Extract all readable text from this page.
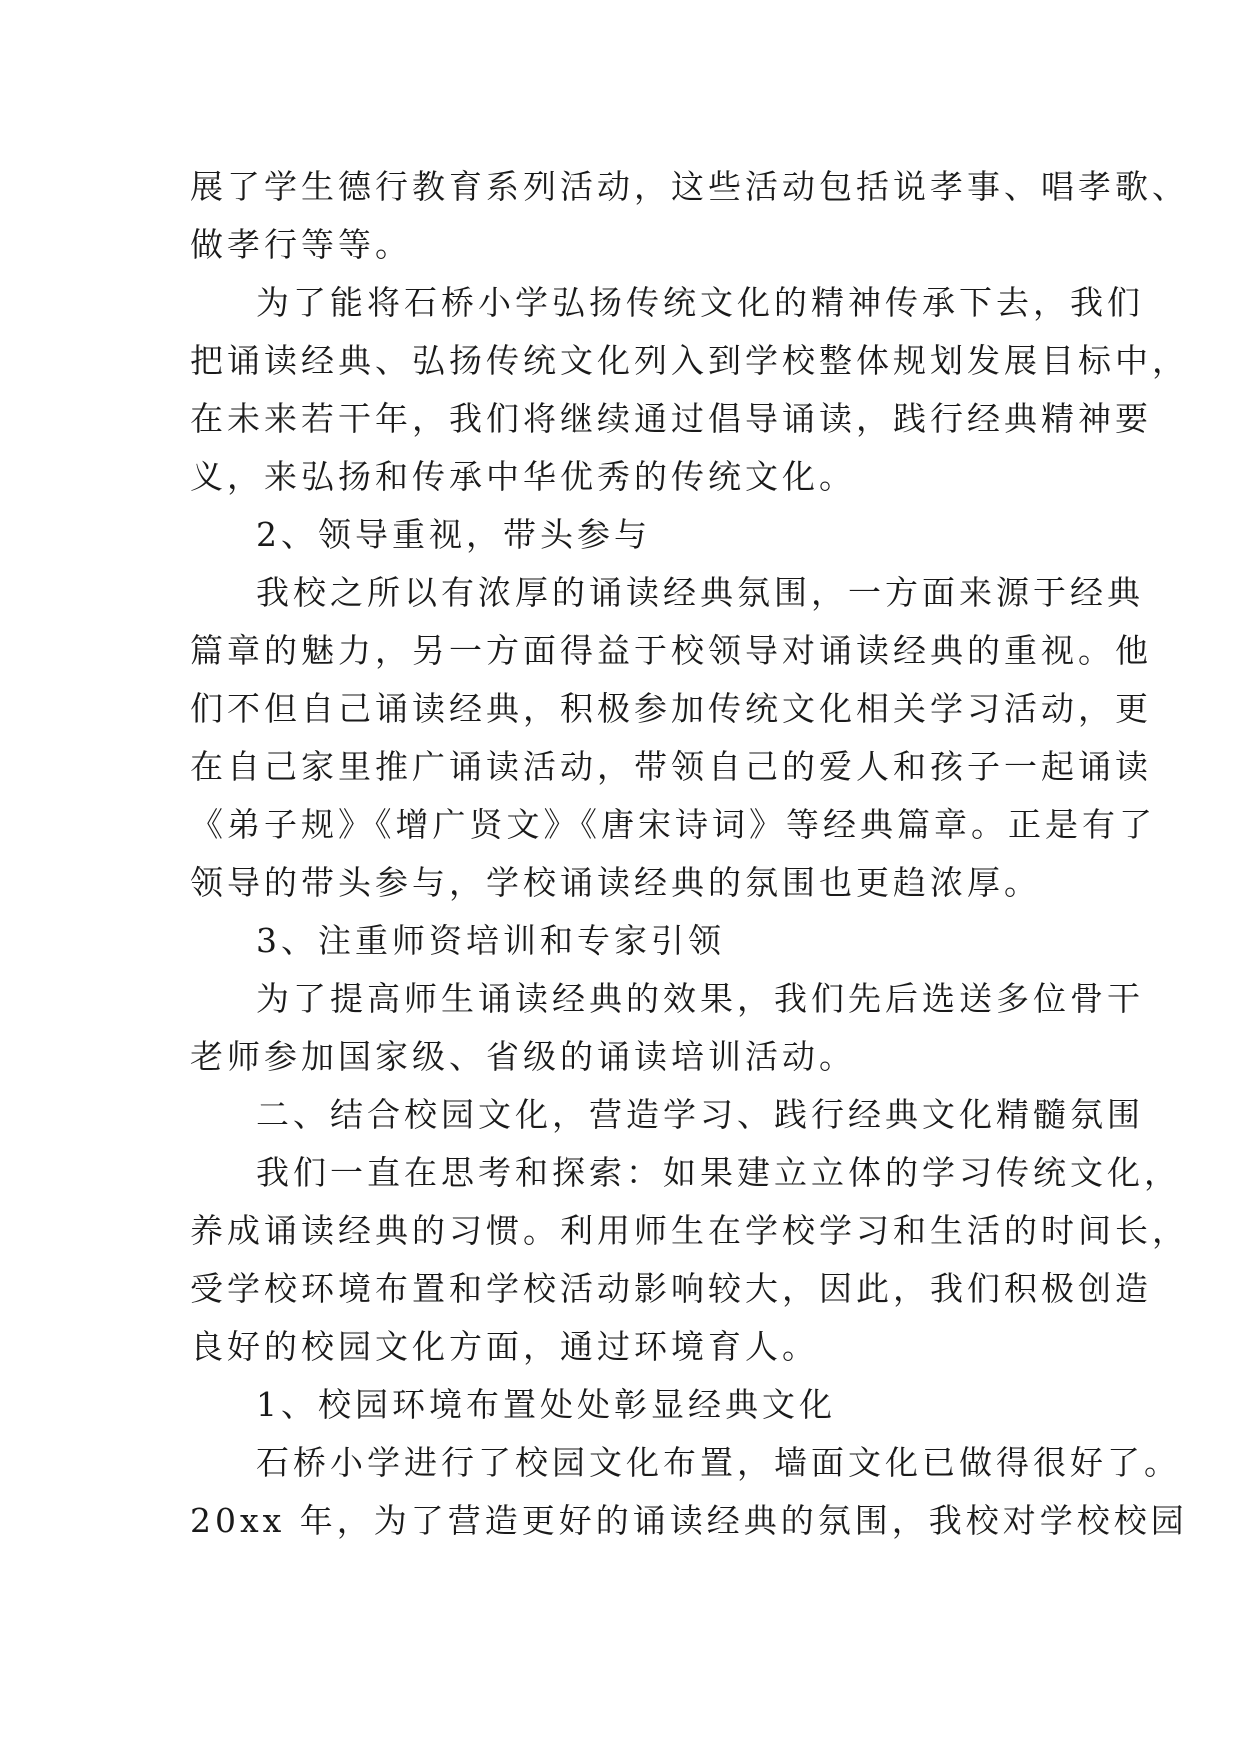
展了学生德行教育系列活动，这些活动包括说孝事、唱孝歌、
做孝行等等。
为了能将石桥小学弘扬传统文化的精神传承下去，我们
把诵读经典、弘扬传统文化列入到学校整体规划发展目标中，
在未来若干年，我们将继续通过倡导诵读，践行经典精神要
义，来弘扬和传承中华优秀的传统文化。
2、领导重视，带头参与
我校之所以有浓厚的诵读经典氛围，一方面来源于经典
篇章的魅力，另一方面得益于校领导对诵读经典的重视。他
们不但自己诵读经典，积极参加传统文化相关学习活动，更
在自己家里推广诵读活动，带领自己的爱人和孩子一起诵读
《弟子规》《增广贤文》《唐宋诗词》等经典篇章。正是有了
领导的带头参与，学校诵读经典的氛围也更趋浓厚。
3、注重师资培训和专家引领
为了提高师生诵读经典的效果，我们先后选送多位骨干
老师参加国家级、省级的诵读培训活动。
二、结合校园文化，营造学习、践行经典文化精髓氛围
我们一直在思考和探索：如果建立立体的学习传统文化，
养成诵读经典的习惯。利用师生在学校学习和生活的时间长，
受学校环境布置和学校活动影响较大，因此，我们积极创造
良好的校园文化方面，通过环境育人。
1、校园环境布置处处彰显经典文化
石桥小学进行了校园文化布置，墙面文化已做得很好了。
20xx 年，为了营造更好的诵读经典的氛围，我校对学校校园
